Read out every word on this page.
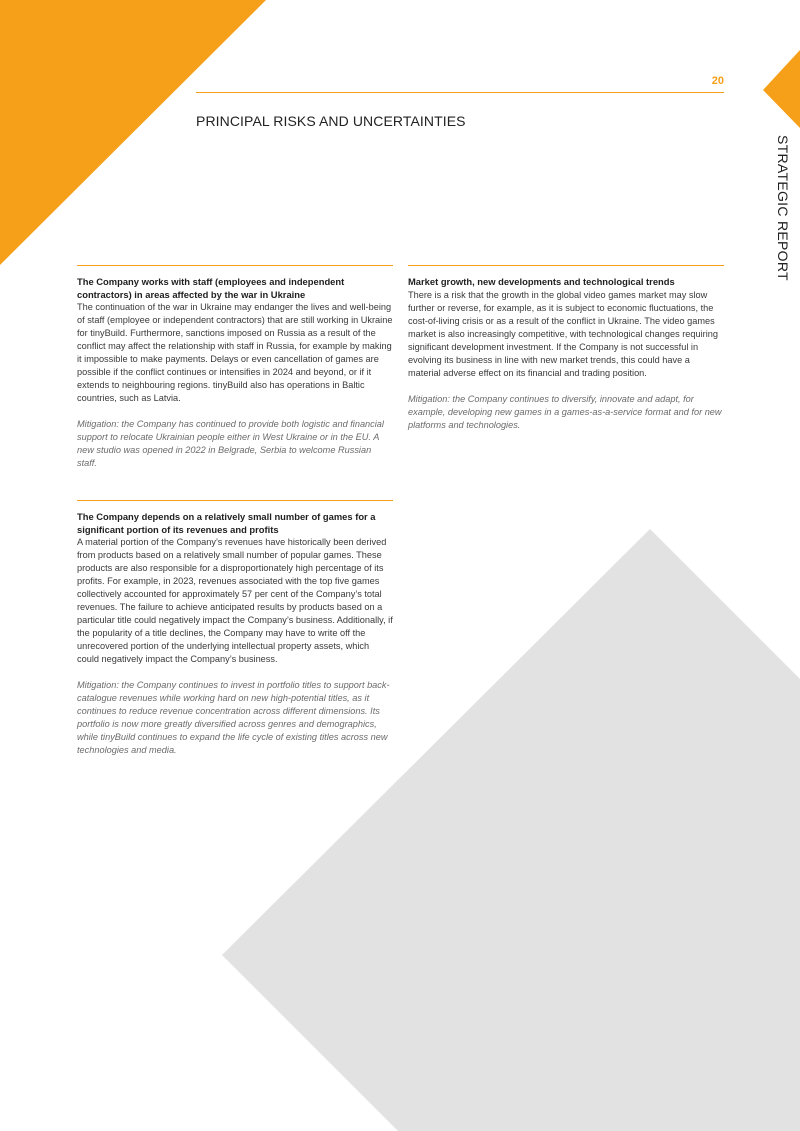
20
PRINCIPAL RISKS AND UNCERTAINTIES
STRATEGIC REPORT
The Company works with staff (employees and independent contractors) in areas affected by the war in Ukraine

The continuation of the war in Ukraine may endanger the lives and well-being of staff (employee or independent contractors) that are still working in Ukraine for tinyBuild. Furthermore, sanctions imposed on Russia as a result of the conflict may affect the relationship with staff in Russia, for example by making it impossible to make payments. Delays or even cancellation of games are possible if the conflict continues or intensifies in 2024 and beyond, or if it extends to neighbouring regions. tinyBuild also has operations in Baltic countries, such as Latvia.

Mitigation: the Company has continued to provide both logistic and financial support to relocate Ukrainian people either in West Ukraine or in the EU. A new studio was opened in 2022 in Belgrade, Serbia to welcome Russian staff.

Market growth, new developments and technological trends

There is a risk that the growth in the global video games market may slow further or reverse, for example, as it is subject to economic fluctuations, the cost-of-living crisis or as a result of the conflict in Ukraine. The video games market is also increasingly competitive, with technological changes requiring significant development investment. If the Company is not successful in evolving its business in line with new market trends, this could have a material adverse effect on its financial and trading position.

Mitigation: the Company continues to diversify, innovate and adapt, for example, developing new games in a games-as-a-service format and for new platforms and technologies.

The Company depends on a relatively small number of games for a significant portion of its revenues and profits

A material portion of the Company’s revenues have historically been derived from products based on a relatively small number of popular games. These products are also responsible for a disproportionately high percentage of its profits. For example, in 2023, revenues associated with the top five games collectively accounted for approximately 57 per cent of the Company’s total revenues. The failure to achieve anticipated results by products based on a particular title could negatively impact the Company’s business. Additionally, if the popularity of a title declines, the Company may have to write off the unrecovered portion of the underlying intellectual property assets, which could negatively impact the Company’s business.

Mitigation: the Company continues to invest in portfolio titles to support back-catalogue revenues while working hard on new high-potential titles, as it continues to reduce revenue concentration across different dimensions. Its portfolio is now more greatly diversified across genres and demographics, while tinyBuild continues to expand the life cycle of existing titles across new technologies and media.
